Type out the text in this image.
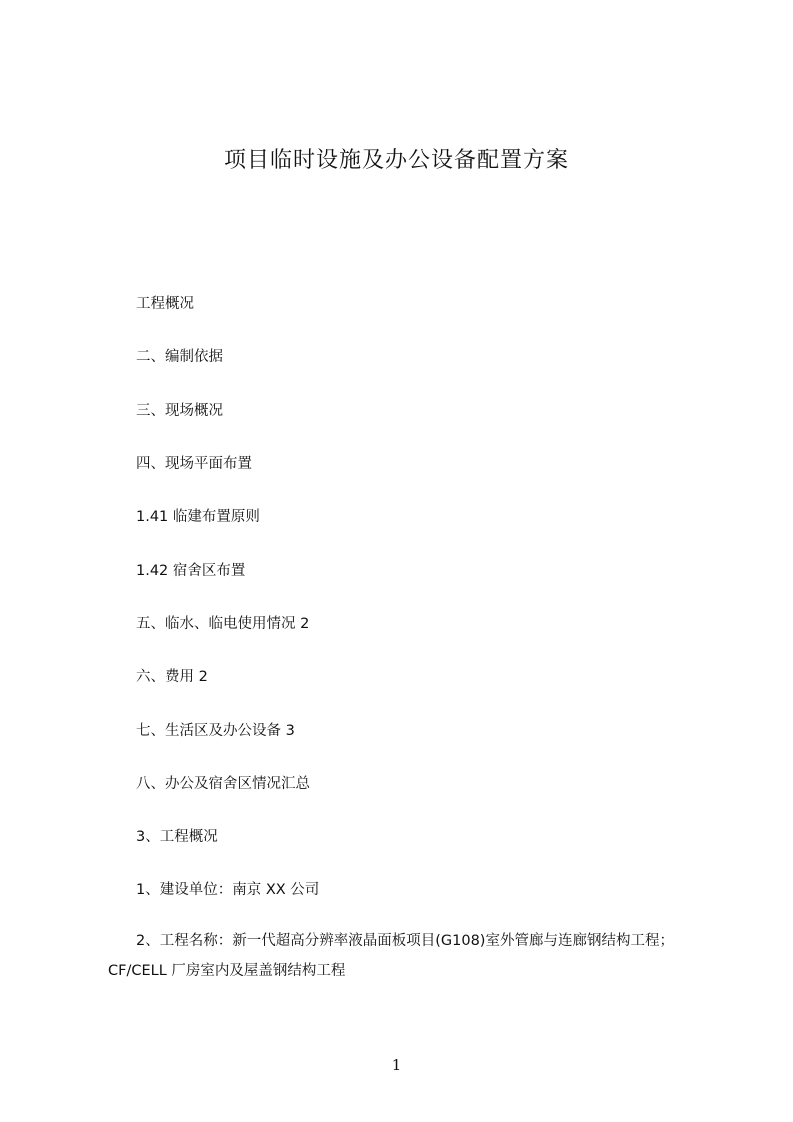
项目临时设施及办公设备配置方案
工程概况
二、编制依据
三、现场概况
四、现场平面布置
1.41 临建布置原则
1.42 宿舍区布置
五、临水、临电使用情况 2
六、费用 2
七、生活区及办公设备 3
八、办公及宿舍区情况汇总
3、工程概况
1、建设单位：南京 XX 公司
2、工程名称：新一代超高分辨率液晶面板项目(G108)室外管廊与连廊钢结构工程；CF/CELL 厂房室内及屋盖钢结构工程
1
